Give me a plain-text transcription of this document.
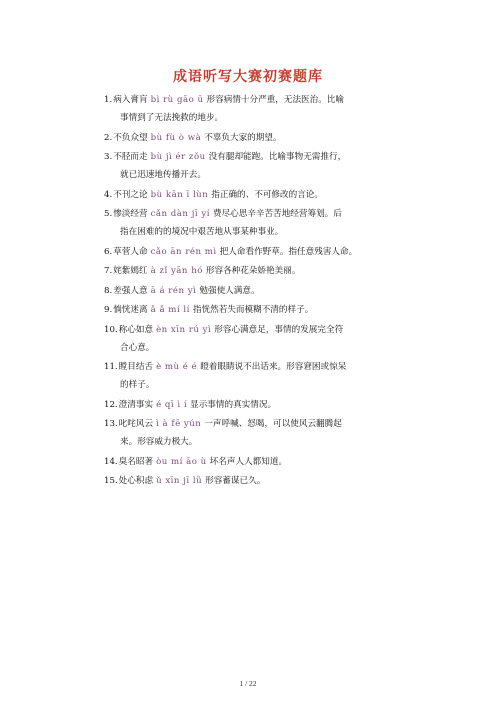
成语听写大赛初赛题库
1.病入膏肓 bì rù gāo ū 形容病情十分严重，无法医治。比喻
事情到了无法挽救的地步。
2.不负众望 bù fù ò wà 不辜负大家的期望。
3.不胫而走 bù jì ér zǒu 没有腿却能跑。比喻事物无需推行，
就已迅速地传播开去。
4.不刊之论 bù kān ī lùn 指正确的、不可修改的言论。
5.惨淡经营 cǎn dàn jī yí 费尽心思辛辛苦苦地经营筹划。后
指在困难的的境况中艰苦地从事某种事业。
6.草菅人命 cǎo ān rén mì 把人命看作野草。指任意残害人命。
7.姹紫嫣红 à zǐ yān hó 形容各种花朵娇艳美丽。
8.差强人意 ā á rén yì 勉强使人满意。
9.惝恍迷离 ǎ ǎ mí lí 指恍然若失而模糊不清的样子。
10.称心如意 èn xīn rú yì 形容心满意足，事情的发展完全符
合心意。
11.瞠目结舌 è mù é é 瞪着眼睛说不出话来。形容窘困或惊呆
的样子。
12.澄清事实 é qī ì í 显示事情的真实情况。
13.叱咤风云 ì à fē yún 一声呼喊、怒喝，可以使风云翻腾起
来。形容威力极大。
14.臭名昭著 òu mí āo ù 坏名声人人都知道。
15.处心积虑 ǔ xīn jī lǜ 形容蓄谋已久。
1 / 22
